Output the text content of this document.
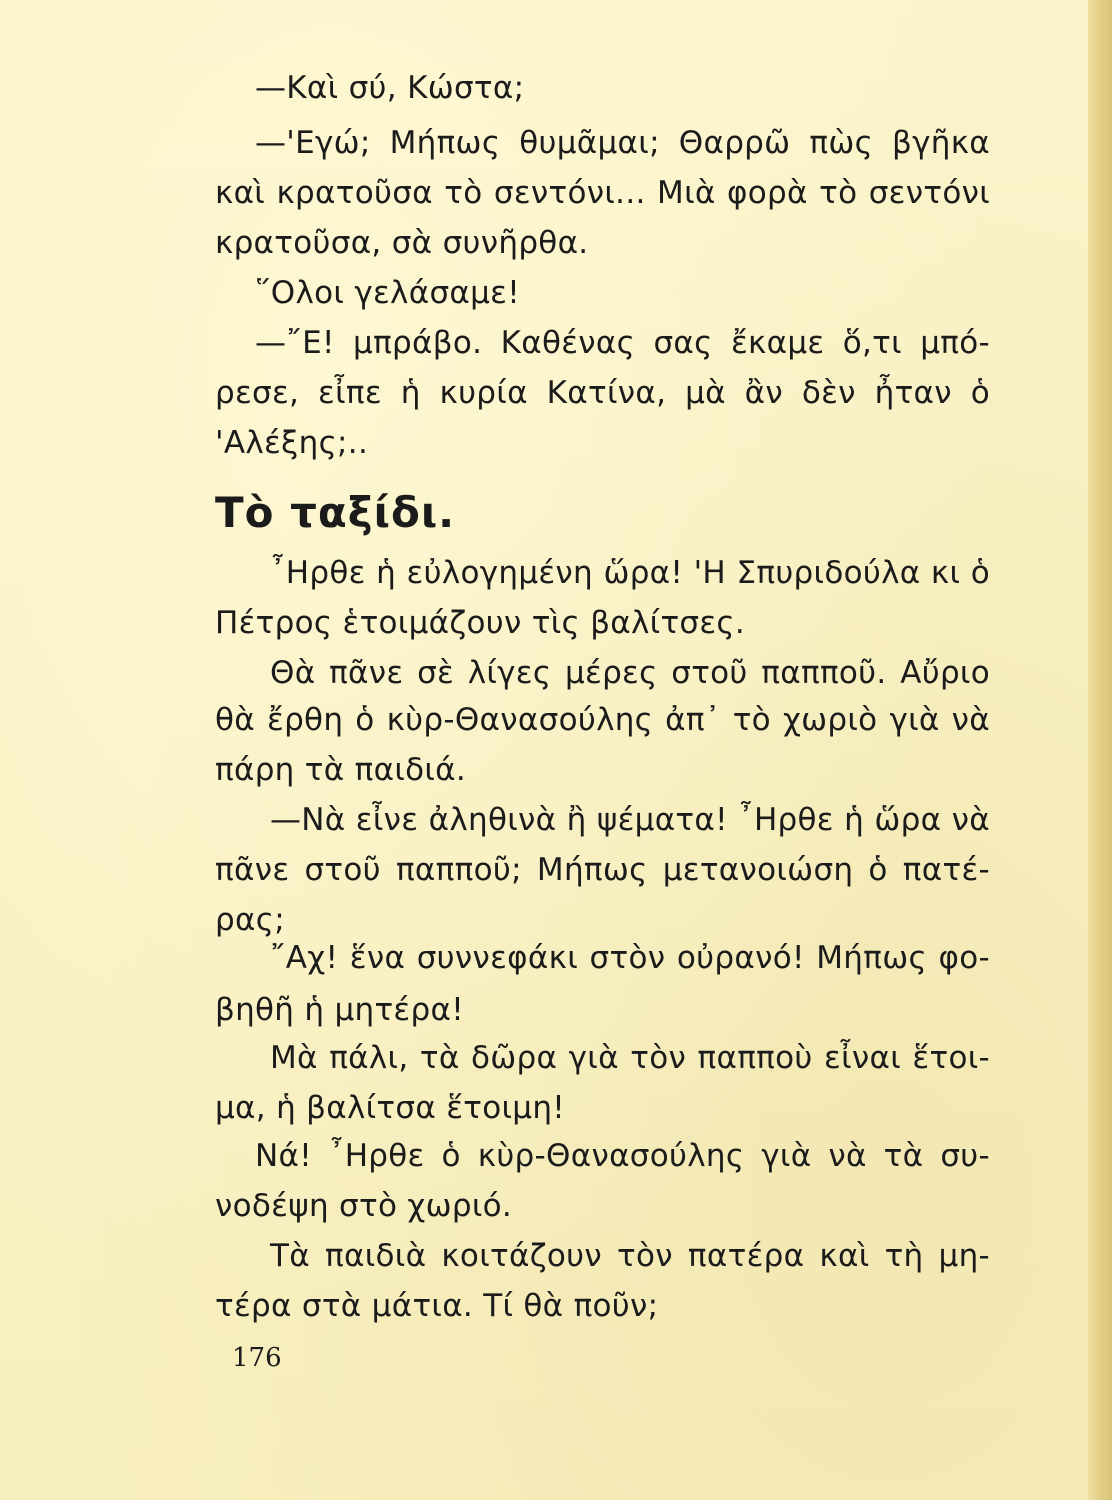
—Καὶ σύ, Κώστα;
—'Εγώ; Μήπως θυμᾶμαι; Θαρρῶ πὼς βγῆκα
καὶ κρατοῦσα τὸ σεντόνι... Μιὰ φορὰ τὸ σεντόνι
κρατοῦσα, σὰ συνῆρθα.
῞Ολοι γελάσαμε!
—῎Ε! μπράβο. Καθένας σας ἔκαμε ὅ,τι μπό-
ρεσε, εἶπε ἡ κυρία Κατίνα, μὰ ἂν δὲν ἦταν ὁ
'Αλέξης;..
Τὸ ταξίδι.
῏Ηρθε ἡ εὐλογημένη ὥρα! 'Η Σπυριδούλα κι ὁ
Πέτρος ἑτοιμάζουν τὶς βαλίτσες.
Θὰ πᾶνε σὲ λίγες μέρες στοῦ παπποῦ. Αὔριο
θὰ ἔρθη ὁ κὺρ-Θανασούλης ἀπ᾿ τὸ χωριὸ γιὰ νὰ
πάρη τὰ παιδιά.
—Νὰ εἶνε ἀληθινὰ ἢ ψέματα! ῏Ηρθε ἡ ὥρα νὰ
πᾶνε στοῦ παπποῦ; Μήπως μετανοιώση ὁ πατέ-
ρας;
῎Αχ! ἕνα συννεφάκι στὸν οὐρανό! Μήπως φο-
βηθῆ ἡ μητέρα!
Μὰ πάλι, τὰ δῶρα γιὰ τὸν παπποὺ εἶναι ἕτοι-
μα, ἡ βαλίτσα ἕτοιμη!
Νά! ῏Ηρθε ὁ κὺρ-Θανασούλης γιὰ νὰ τὰ συ-
νοδέψη στὸ χωριό.
Τὰ παιδιὰ κοιτάζουν τὸν πατέρα καὶ τὴ μη-
τέρα στὰ μάτια. Τί θὰ ποῦν;
176
